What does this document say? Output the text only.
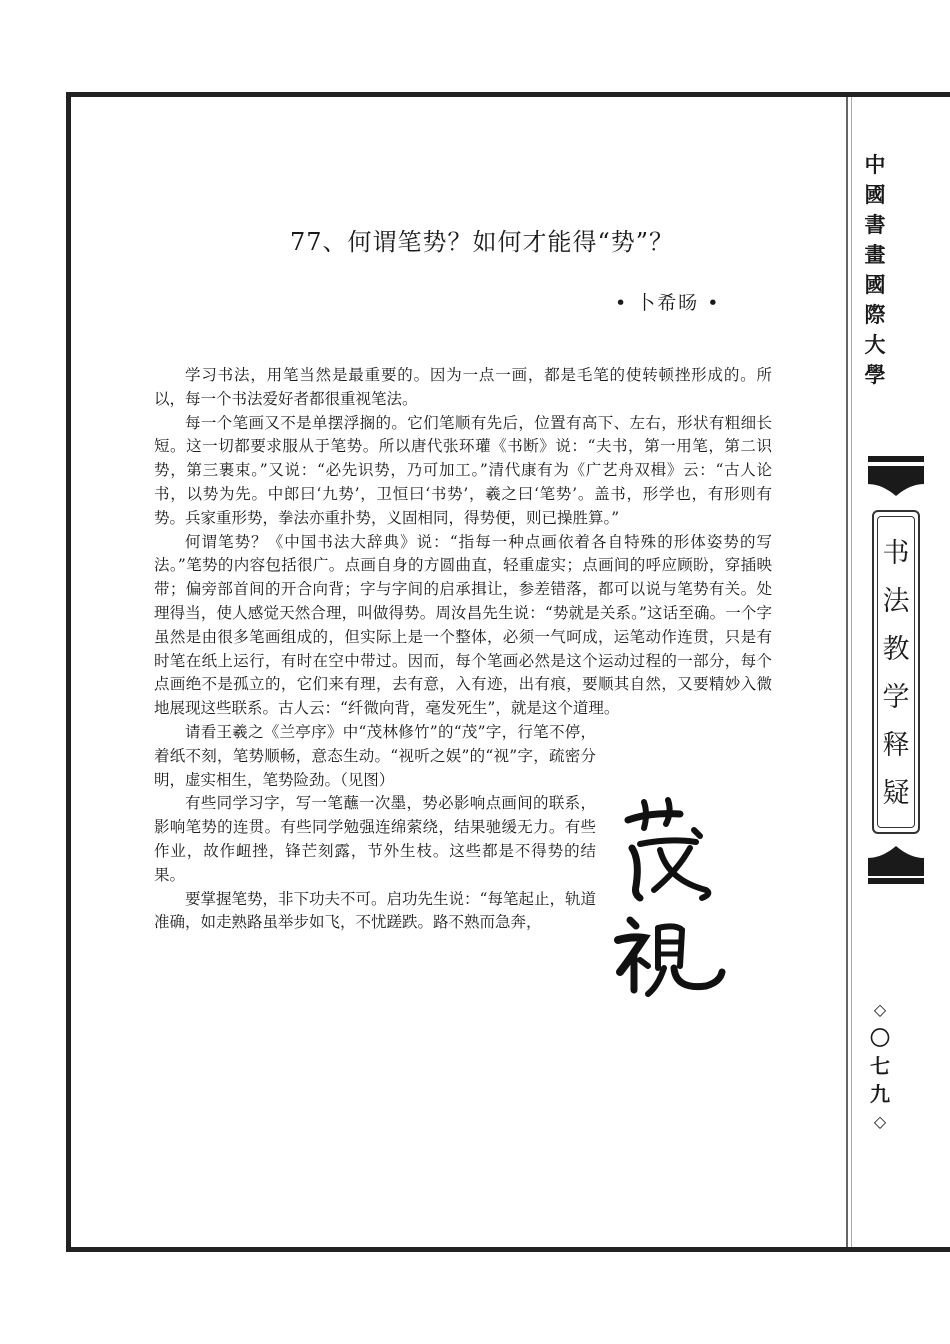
77、何谓笔势？如何才能得“势”？
• 卜希旸 •

学习书法，用笔当然是最重要的。因为一点一画，都是毛笔的使转顿挫形成的。所以，每一个书法爱好者都很重视笔法。

每一个笔画又不是单摆浮搁的。它们笔顺有先后，位置有高下、左右，形状有粗细长短。这一切都要求服从于笔势。所以唐代张环瓘《书断》说：“夫书，第一用笔，第二识势，第三裹束。”又说：“必先识势，乃可加工。”清代康有为《广艺舟双楫》云：“古人论书，以势为先。中郎曰‘九势’，卫恒曰‘书势’，羲之曰‘笔势’。盖书，形学也，有形则有势。兵家重形势，拳法亦重扑势，义固相同，得势便，则已操胜算。”

何谓笔势？《中国书法大辞典》说：“指每一种点画依着各自特殊的形体姿势的写法。”笔势的内容包括很广。点画自身的方圆曲直，轻重虚实；点画间的呼应顾盼，穿插映带；偏旁部首间的开合向背；字与字间的启承揖让，参差错落，都可以说与笔势有关。处理得当，使人感觉天然合理，叫做得势。周汝昌先生说：“势就是关系。”这话至确。一个字虽然是由很多笔画组成的，但实际上是一个整体，必须一气呵成，运笔动作连贯，只是有时笔在纸上运行，有时在空中带过。因而，每个笔画必然是这个运动过程的一部分，每个点画绝不是孤立的，它们来有理，去有意，入有迹，出有痕，要顺其自然，又要精妙入微地展现这些联系。古人云：“纤微向背，毫发死生”，就是这个道理。

请看王羲之《兰亭序》中“茂林修竹”的“茂”字，行笔不停，着纸不刻，笔势顺畅，意态生动。“视听之娱”的“视”字，疏密分明，虚实相生，笔势险劲。（见图）

有些同学习字，写一笔蘸一次墨，势必影响点画间的联系，影响笔势的连贯。有些同学勉强连绵萦绕，结果驰缓无力。有些作业，故作衄挫，锋芒刻露，节外生枝。这些都是不得势的结果。

要掌握笔势，非下功夫不可。启功先生说：“每笔起止，轨道准确，如走熟路虽举步如飞，不忧蹉跌。路不熟而急奔，

中
國
書
畫
國
際
大
學
书
法
教
学
释
疑
◇
〇
七
九
◇
